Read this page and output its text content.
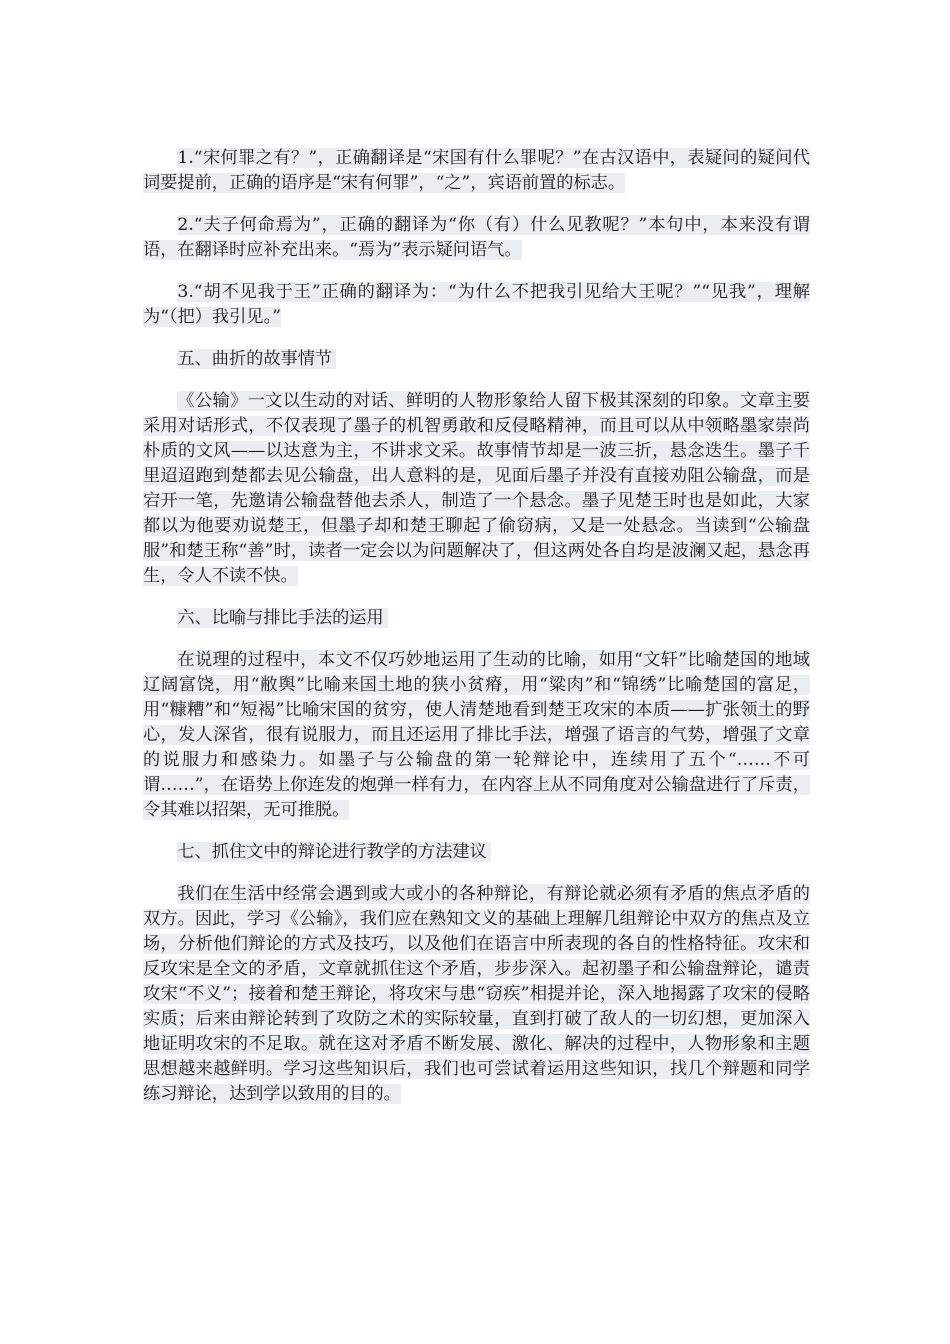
1.“宋何罪之有？”，正确翻译是“宋国有什么罪呢？”在古汉语中，表疑问的疑问代词要提前，正确的语序是“宋有何罪”，“之”，宾语前置的标志。

2.“夫子何命焉为”，正确的翻译为“你（有）什么见教呢？”本句中，本来没有谓语，在翻译时应补充出来。“焉为”表示疑问语气。

3.“胡不见我于王”正确的翻译为：“为什么不把我引见给大王呢？”“见我”，理解为“（把）我引见。”

五、曲折的故事情节

《公输》一文以生动的对话、鲜明的人物形象给人留下极其深刻的印象。文章主要采用对话形式，不仅表现了墨子的机智勇敢和反侵略精神，而且可以从中领略墨家崇尚朴质的文风——以达意为主，不讲求文采。故事情节却是一波三折，悬念迭生。墨子千里迢迢跑到楚都去见公输盘，出人意料的是，见面后墨子并没有直接劝阻公输盘，而是宕开一笔，先邀请公输盘替他去杀人，制造了一个悬念。墨子见楚王时也是如此，大家都以为他要劝说楚王，但墨子却和楚王聊起了偷窃病，又是一处悬念。当读到“公输盘服”和楚王称“善”时，读者一定会以为问题解决了，但这两处各自均是波澜又起，悬念再生，令人不读不快。

六、比喻与排比手法的运用

在说理的过程中，本文不仅巧妙地运用了生动的比喻，如用“文轩”比喻楚国的地域辽阔富饶，用“敝舆”比喻来国土地的狭小贫瘠，用“粱肉”和“锦绣”比喻楚国的富足，用“糠糟”和“短褐”比喻宋国的贫穷，使人清楚地看到楚王攻宋的本质——扩张领土的野心，发人深省，很有说服力，而且还运用了排比手法，增强了语言的气势，增强了文章的说服力和感染力。如墨子与公输盘的第一轮辩论中，连续用了五个“……不可谓……”，在语势上你连发的炮弹一样有力，在内容上从不同角度对公输盘进行了斥责，令其难以招架，无可推脱。

七、抓住文中的辩论进行教学的方法建议

我们在生活中经常会遇到或大或小的各种辩论，有辩论就必须有矛盾的焦点矛盾的双方。因此，学习《公输》，我们应在熟知文义的基础上理解几组辩论中双方的焦点及立场，分析他们辩论的方式及技巧，以及他们在语言中所表现的各自的性格特征。攻宋和反攻宋是全文的矛盾，文章就抓住这个矛盾，步步深入。起初墨子和公输盘辩论，谴责攻宋“不义”；接着和楚王辩论，将攻宋与患“窃疾”相提并论，深入地揭露了攻宋的侵略实质；后来由辩论转到了攻防之术的实际较量，直到打破了敌人的一切幻想，更加深入地证明攻宋的不足取。就在这对矛盾不断发展、激化、解决的过程中，人物形象和主题思想越来越鲜明。学习这些知识后，我们也可尝试着运用这些知识，找几个辩题和同学练习辩论，达到学以致用的目的。
